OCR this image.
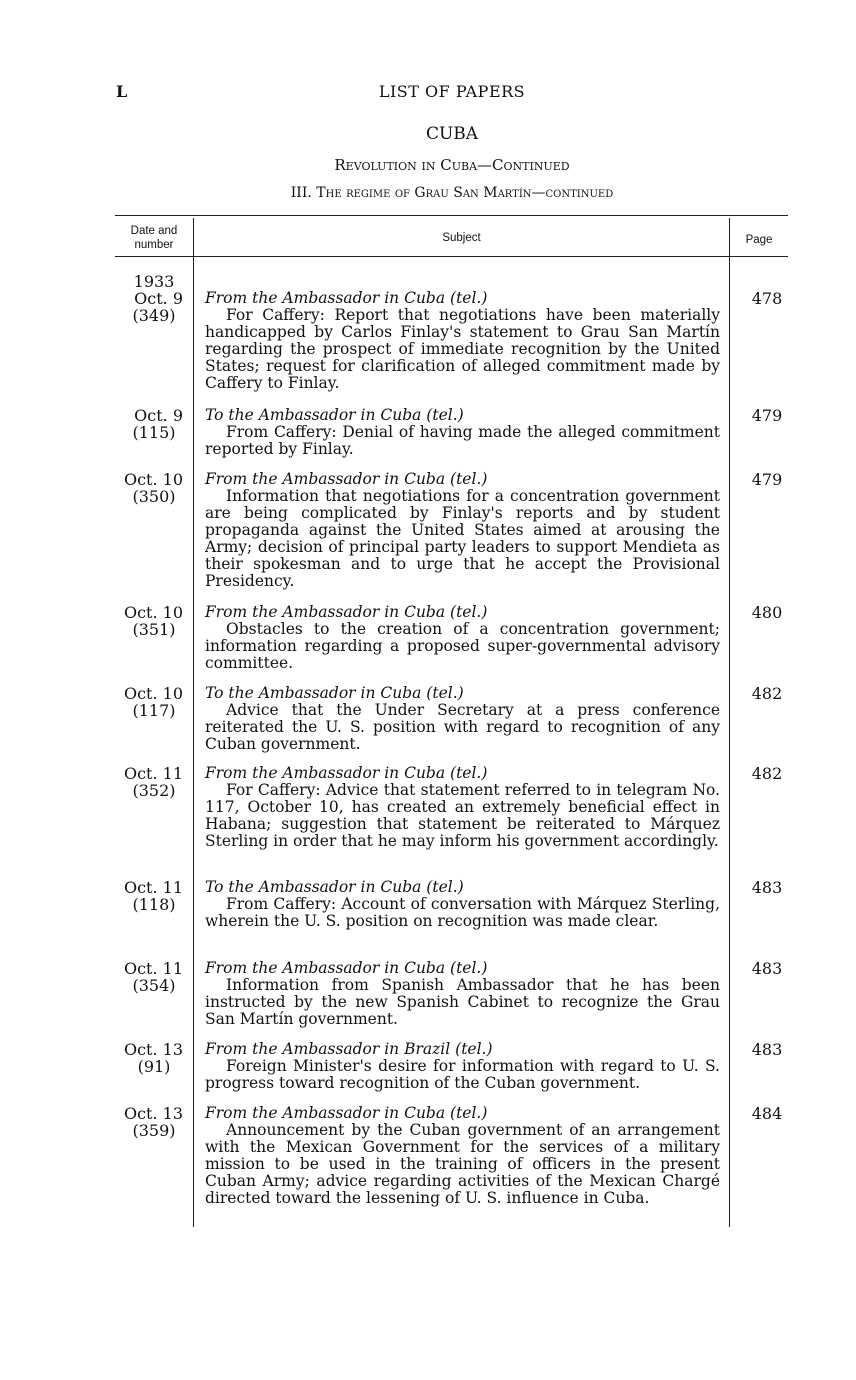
L	LIST OF PAPERS
CUBA
Revolution in Cuba—Continued
III. The regime of Grau San Martín—continued
Date and number
Subject	Page
1933
Oct. 9
(349)
From the Ambassador in Cuba (tel.)
For Caffery: Report that negotiations have been materially handicapped by Carlos Finlay's statement to Grau San Martín regarding the prospect of immediate recognition by the United States; request for clarification of alleged commitment made by Caffery to Finlay.
478
Oct. 9
(115)
To the Ambassador in Cuba (tel.)
From Caffery: Denial of having made the alleged commitment reported by Finlay.
479
Oct. 10
(350)
From the Ambassador in Cuba (tel.)
Information that negotiations for a concentration government are being complicated by Finlay's reports and by student propaganda against the United States aimed at arousing the Army; decision of principal party leaders to support Mendieta as their spokesman and to urge that he accept the Provisional Presidency.
479
Oct. 10
(351)
From the Ambassador in Cuba (tel.)
Obstacles to the creation of a concentration government; information regarding a proposed super-governmental advisory committee.
480
Oct. 10
(117)
To the Ambassador in Cuba (tel.)
Advice that the Under Secretary at a press conference reiterated the U. S. position with regard to recognition of any Cuban government.
482
Oct. 11
(352)
From the Ambassador in Cuba (tel.)
For Caffery: Advice that statement referred to in telegram No. 117, October 10, has created an extremely beneficial effect in Habana; suggestion that statement be reiterated to Márquez Sterling in order that he may inform his government accordingly.
482
Oct. 11
(118)
To the Ambassador in Cuba (tel.)
From Caffery: Account of conversation with Márquez Sterling, wherein the U. S. position on recognition was made clear.
483
Oct. 11
(354)
From the Ambassador in Cuba (tel.)
Information from Spanish Ambassador that he has been instructed by the new Spanish Cabinet to recognize the Grau San Martín government.
483
Oct. 13
(91)
From the Ambassador in Brazil (tel.)
Foreign Minister's desire for information with regard to U. S. progress toward recognition of the Cuban government.
483
Oct. 13
(359)
From the Ambassador in Cuba (tel.)
Announcement by the Cuban government of an arrangement with the Mexican Government for the services of a military mission to be used in the training of officers in the present Cuban Army; advice regarding activities of the Mexican Chargé directed toward the lessening of U. S. influence in Cuba.
484
